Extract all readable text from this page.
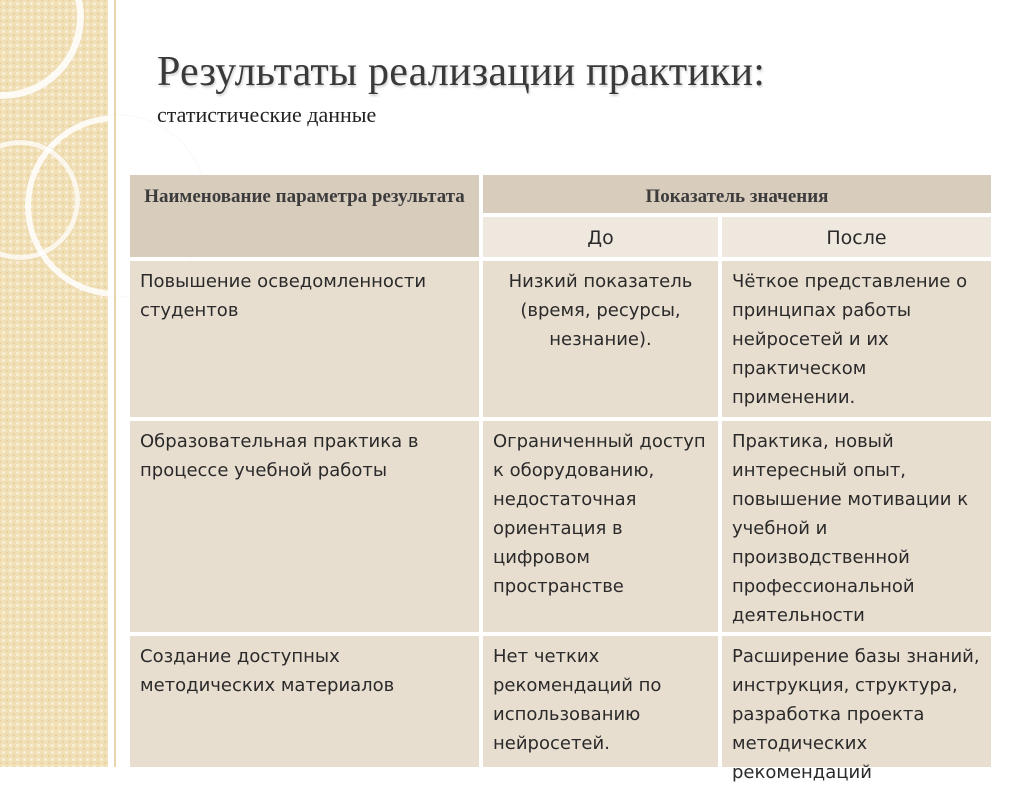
Результаты реализации практики:
статистические данные
Наименование параметра результата	Показатель значения
До	После
Повышение осведомленности студентов
Низкий показатель (время, ресурсы, незнание).
Чёткое представление о принципах работы нейросетей и их практическом применении.
Образовательная практика в процессе учебной работы
Ограниченный доступ к оборудованию, недостаточная ориентация в цифровом пространстве
Практика, новый интересный опыт, повышение мотивации к учебной и производственной профессиональной деятельности
Создание доступных методических материалов
Нет четких рекомендаций по использованию нейросетей.
Расширение базы знаний, инструкция, структура, разработка проекта методических рекомендаций
